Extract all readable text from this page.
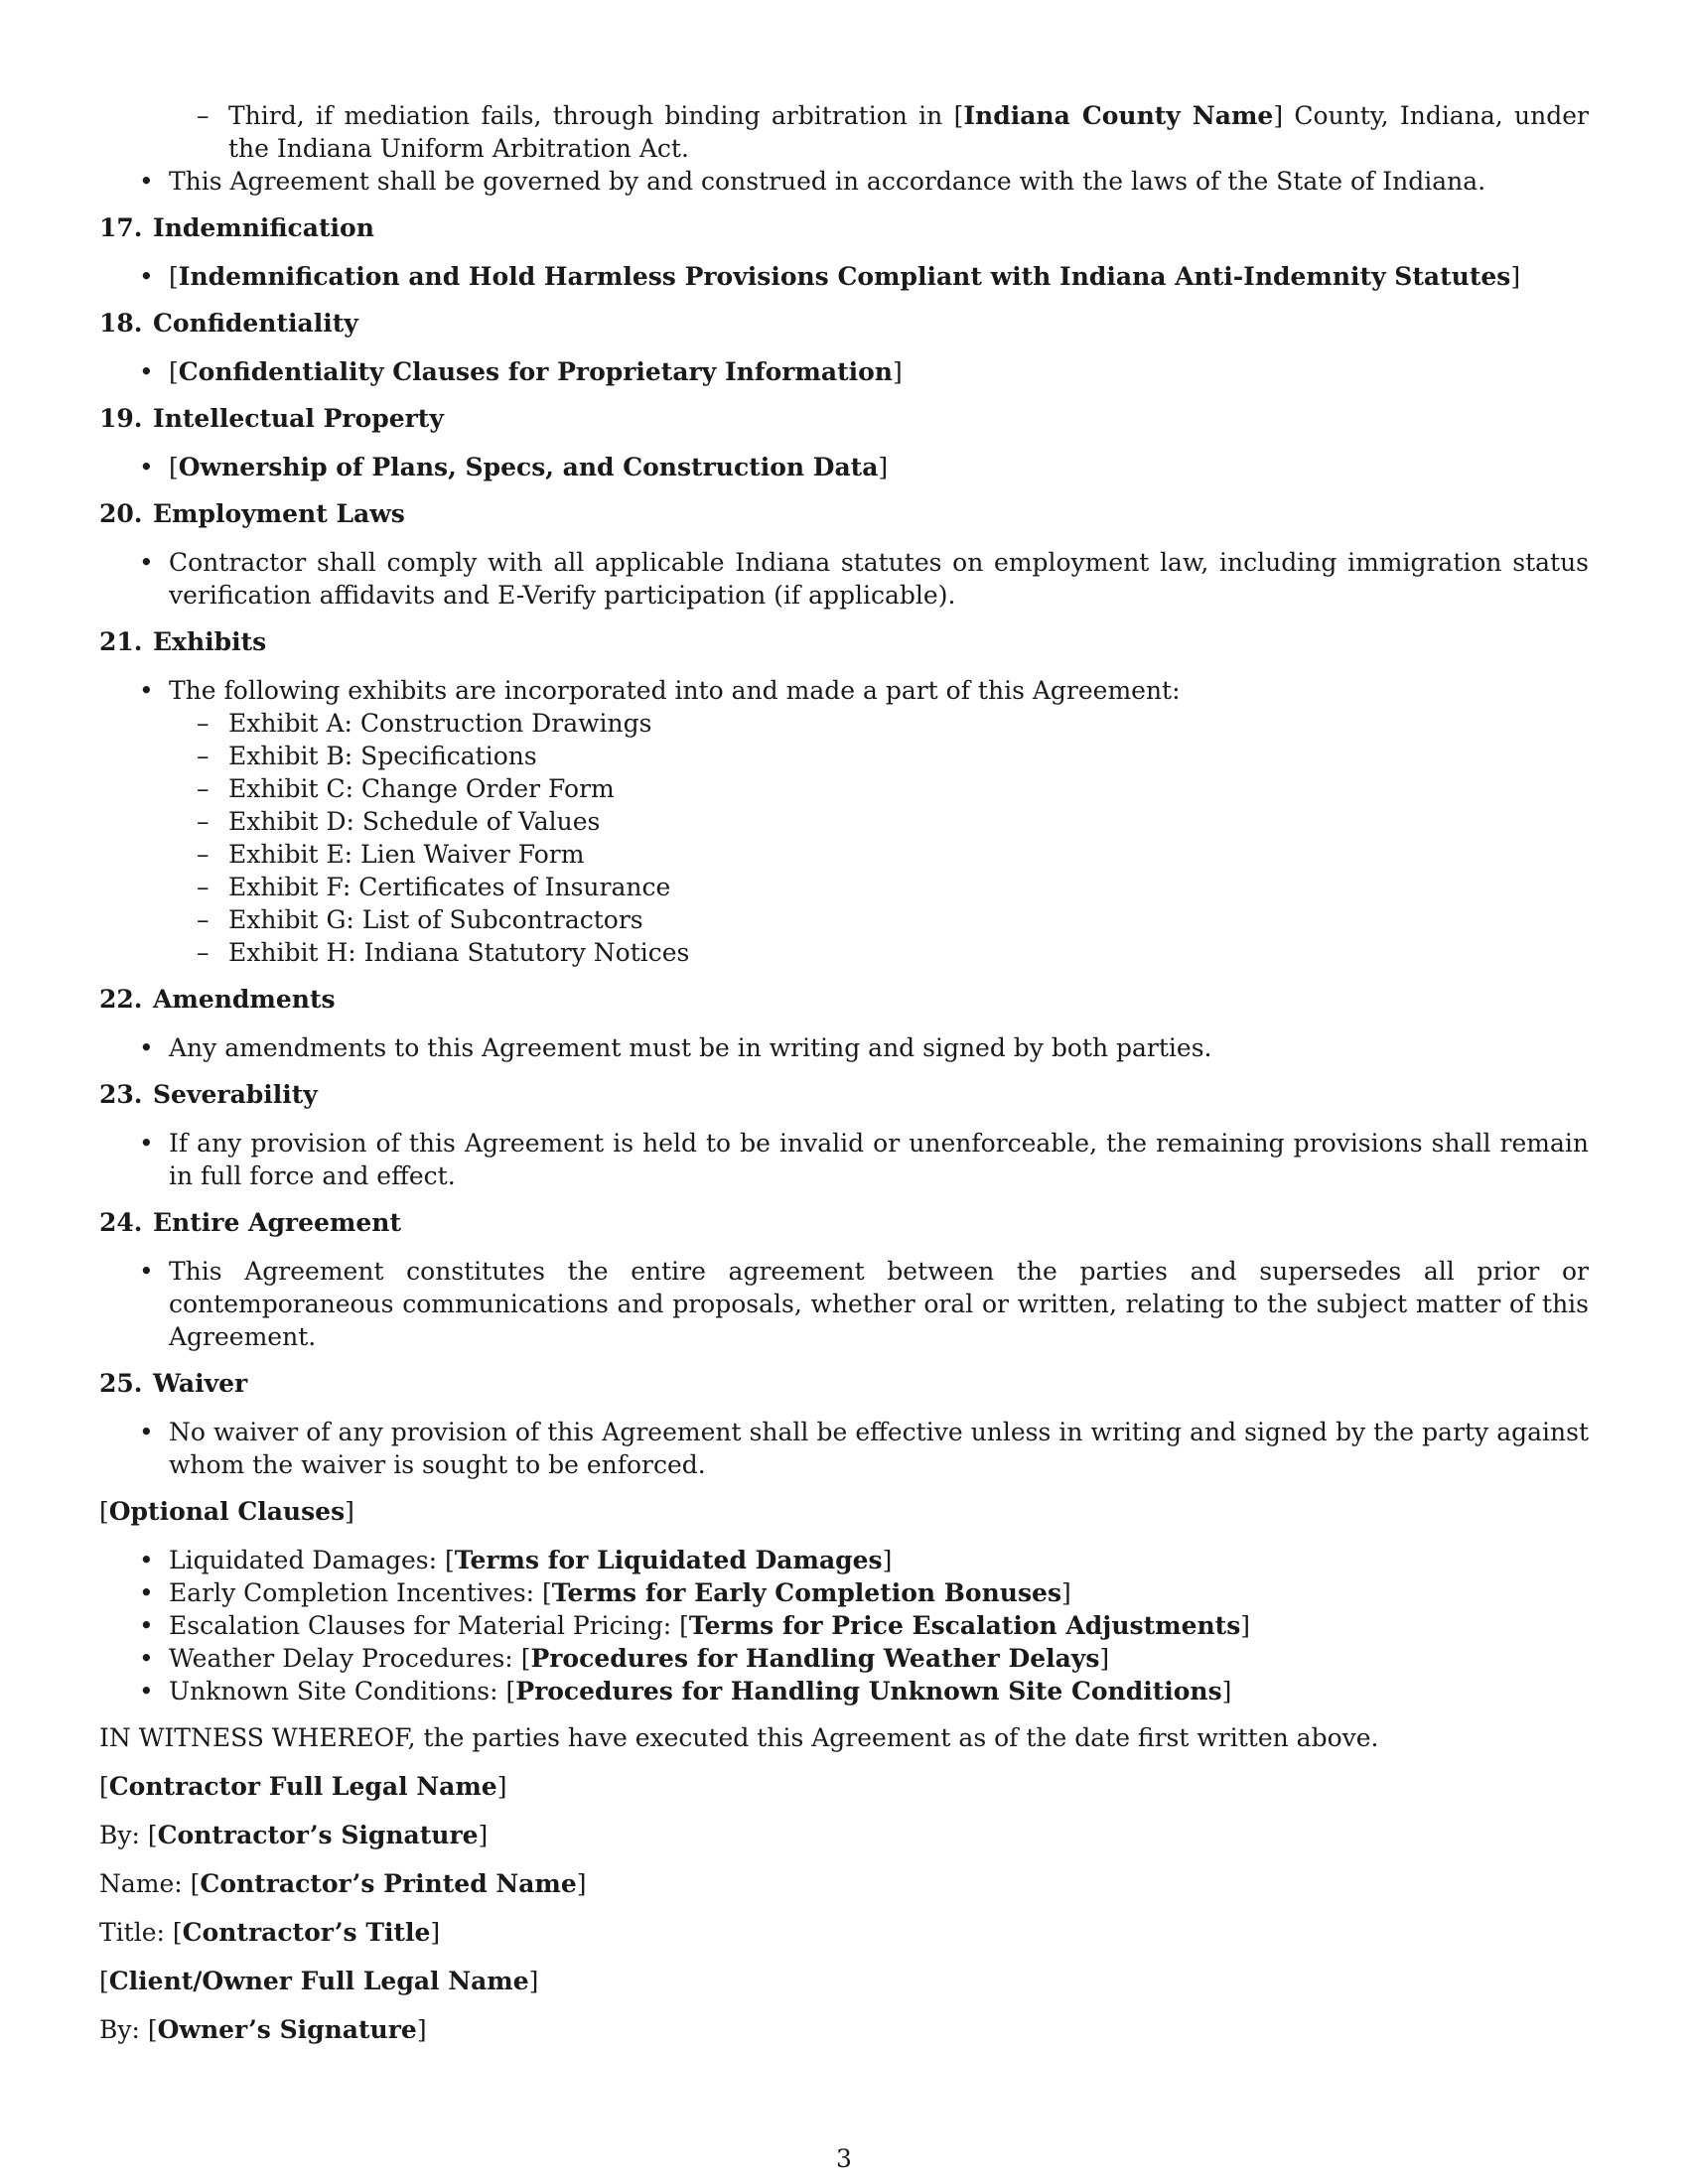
– Third, if mediation fails, through binding arbitration in [Indiana County Name] County, Indiana, under the Indiana Uniform Arbitration Act.
• This Agreement shall be governed by and construed in accordance with the laws of the State of Indiana.
17. Indemnification
• [Indemnification and Hold Harmless Provisions Compliant with Indiana Anti-Indemnity Statutes]
18. Confidentiality
• [Confidentiality Clauses for Proprietary Information]
19. Intellectual Property
• [Ownership of Plans, Specs, and Construction Data]
20. Employment Laws
• Contractor shall comply with all applicable Indiana statutes on employment law, including immigration status verification affidavits and E-Verify participation (if applicable).
21. Exhibits
• The following exhibits are incorporated into and made a part of this Agreement:
– Exhibit A: Construction Drawings
– Exhibit B: Specifications
– Exhibit C: Change Order Form
– Exhibit D: Schedule of Values
– Exhibit E: Lien Waiver Form
– Exhibit F: Certificates of Insurance
– Exhibit G: List of Subcontractors
– Exhibit H: Indiana Statutory Notices
22. Amendments
• Any amendments to this Agreement must be in writing and signed by both parties.
23. Severability
• If any provision of this Agreement is held to be invalid or unenforceable, the remaining provisions shall remain in full force and effect.
24. Entire Agreement
• This Agreement constitutes the entire agreement between the parties and supersedes all prior or contemporaneous communications and proposals, whether oral or written, relating to the subject matter of this Agreement.
25. Waiver
• No waiver of any provision of this Agreement shall be effective unless in writing and signed by the party against whom the waiver is sought to be enforced.
[Optional Clauses]
• Liquidated Damages: [Terms for Liquidated Damages]
• Early Completion Incentives: [Terms for Early Completion Bonuses]
• Escalation Clauses for Material Pricing: [Terms for Price Escalation Adjustments]
• Weather Delay Procedures: [Procedures for Handling Weather Delays]
• Unknown Site Conditions: [Procedures for Handling Unknown Site Conditions]
IN WITNESS WHEREOF, the parties have executed this Agreement as of the date first written above.
[Contractor Full Legal Name]
By: [Contractor’s Signature]
Name: [Contractor’s Printed Name]
Title: [Contractor’s Title]
[Client/Owner Full Legal Name]
By: [Owner’s Signature]
3
